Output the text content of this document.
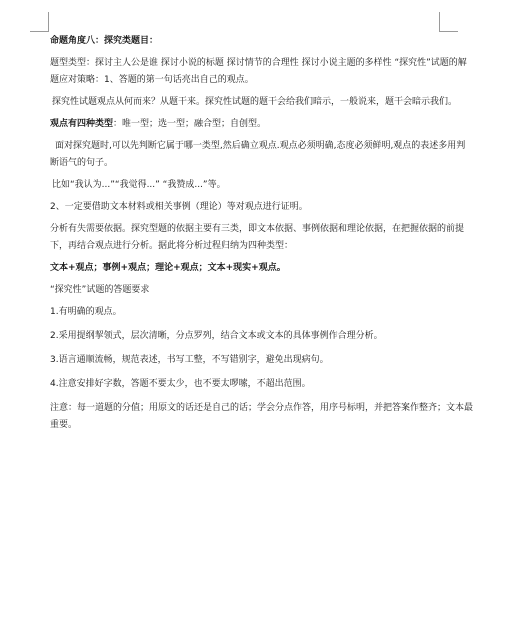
命题角度八：探究类题目：

题型类型：探讨主人公是谁 探讨小说的标题 探讨情节的合理性 探讨小说主题的多样性 “探究性”试题的解题应对策略：1、答题的第一句话亮出自己的观点。

探究性试题观点从何而来？从题干来。探究性试题的题干会给我们暗示，一般说来，题干会暗示我们。

观点有四种类型：唯一型；选一型；融合型；自创型。

面对探究题时,可以先判断它属于哪一类型,然后确立观点.观点必须明确,态度必须鲜明,观点的表述多用判断语气的句子。

比如“我认为...”“我觉得...” “我赞成...”等。

2、一定要借助文本材料或相关事例（理论）等对观点进行证明。

分析有失需要依据。探究型题的依据主要有三类，即文本依据、事例依据和理论依据，在把握依据的前提下，再结合观点进行分析。据此将分析过程归纳为四种类型：

文本+观点；事例+观点；理论+观点；文本+现实+观点。

“探究性”试题的答题要求

1.有明确的观点。

2.采用提纲挈领式，层次清晰，分点罗列，结合文本或文本的具体事例作合理分析。

3.语言通顺流畅，规范表述，书写工整，不写错别字，避免出现病句。

4.注意安排好字数，答题不要太少，也不要太啰嗦，不超出范围。

注意：每一道题的分值；用原文的话还是自己的话；学会分点作答，用序号标明，并把答案作整齐；文本最重要。
